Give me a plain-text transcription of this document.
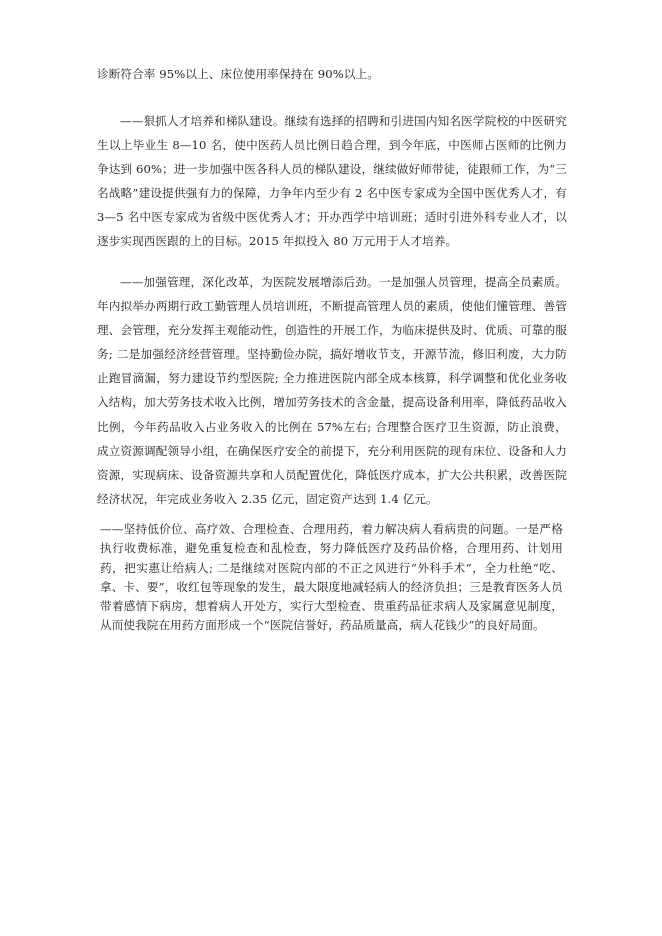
诊断符合率 95%以上、床位使用率保持在 90%以上。

——狠抓人才培养和梯队建设。继续有选择的招聘和引进国内知名医学院校的中医研究生以上毕业生 8—10 名，使中医药人员比例日趋合理，到今年底，中医师占医师的比例力争达到 60%；进一步加强中医各科人员的梯队建设，继续做好师带徒，徒跟师工作，为“三名战略”建设提供强有力的保障，力争年内至少有 2 名中医专家成为全国中医优秀人才，有 3—5 名中医专家成为省级中医优秀人才；开办西学中培训班；适时引进外科专业人才，以逐步实现西医跟的上的目标。2015 年拟投入 80 万元用于人才培养。

——加强管理，深化改革，为医院发展增添后劲。一是加强人员管理，提高全员素质。年内拟举办两期行政工勤管理人员培训班，不断提高管理人员的素质，使他们懂管理、善管理、会管理，充分发挥主观能动性，创造性的开展工作，为临床提供及时、优质、可靠的服务; 二是加强经济经营管理。坚持勤俭办院，搞好增收节支，开源节流，修旧利废，大力防止跑冒滴漏，努力建设节约型医院; 全力推进医院内部全成本核算，科学调整和优化业务收入结构，加大劳务技术收入比例，增加劳务技术的含金量，提高设备利用率，降低药品收入比例，今年药品收入占业务收入的比例在 57%左右; 合理整合医疗卫生资源，防止浪费，成立资源调配领导小组，在确保医疗安全的前提下，充分利用医院的现有床位、设备和人力资源，实现病床、设备资源共享和人员配置优化，降低医疗成本，扩大公共积累，改善医院经济状况，年完成业务收入 2.35 亿元，固定资产达到 1.4 亿元。

——坚持低价位、高疗效、合理检查、合理用药，着力解决病人看病贵的问题。一是严格执行收费标准，避免重复检查和乱检查，努力降低医疗及药品价格，合理用药、计划用药，把实惠让给病人; 二是继续对医院内部的不正之风进行“外科手术”，全力杜绝“吃、拿、卡、要”，收红包等现象的发生，最大限度地减轻病人的经济负担；三是教育医务人员带着感情下病房，想着病人开处方，实行大型检查、贵重药品征求病人及家属意见制度，从而使我院在用药方面形成一个“医院信誉好，药品质量高，病人花钱少”的良好局面。
